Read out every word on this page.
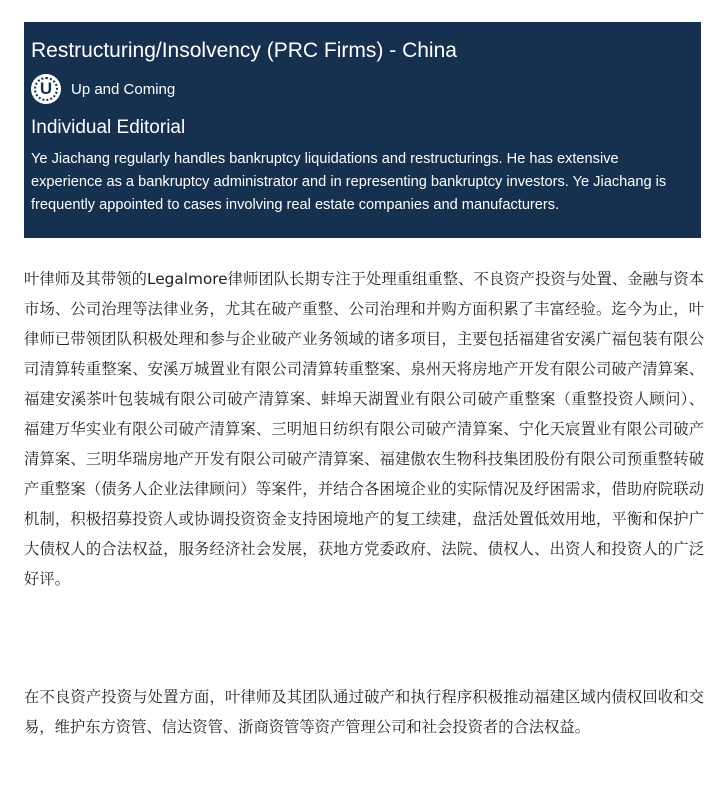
Restructuring/Insolvency (PRC Firms) - China
U	Up and Coming
Individual Editorial
Ye Jiachang regularly handles bankruptcy liquidations and restructurings. He has extensive experience as a bankruptcy administrator and in representing bankruptcy investors. Ye Jiachang is frequently appointed to cases involving real estate companies and manufacturers.

叶律师及其带领的Legalmore律师团队长期专注于处理重组重整、不良资产投资与处置、金融与资本市场、公司治理等法律业务，尤其在破产重整、公司治理和并购方面积累了丰富经验。迄今为止，叶律师已带领团队积极处理和参与企业破产业务领域的诸多项目，主要包括福建省安溪广福包装有限公司清算转重整案、安溪万城置业有限公司清算转重整案、泉州天将房地产开发有限公司破产清算案、福建安溪茶叶包装城有限公司破产清算案、蚌埠天湖置业有限公司破产重整案（重整投资人顾问）、福建万华实业有限公司破产清算案、三明旭日纺织有限公司破产清算案、宁化天宸置业有限公司破产清算案、三明华瑞房地产开发有限公司破产清算案、福建傲农生物科技集团股份有限公司预重整转破产重整案（债务人企业法律顾问）等案件，并结合各困境企业的实际情况及纾困需求，借助府院联动机制，积极招募投资人或协调投资资金支持困境地产的复工续建，盘活处置低效用地，平衡和保护广大债权人的合法权益，服务经济社会发展，获地方党委政府、法院、债权人、出资人和投资人的广泛好评。

在不良资产投资与处置方面，叶律师及其团队通过破产和执行程序积极推动福建区域内债权回收和交易，维护东方资管、信达资管、浙商资管等资产管理公司和社会投资者的合法权益。
